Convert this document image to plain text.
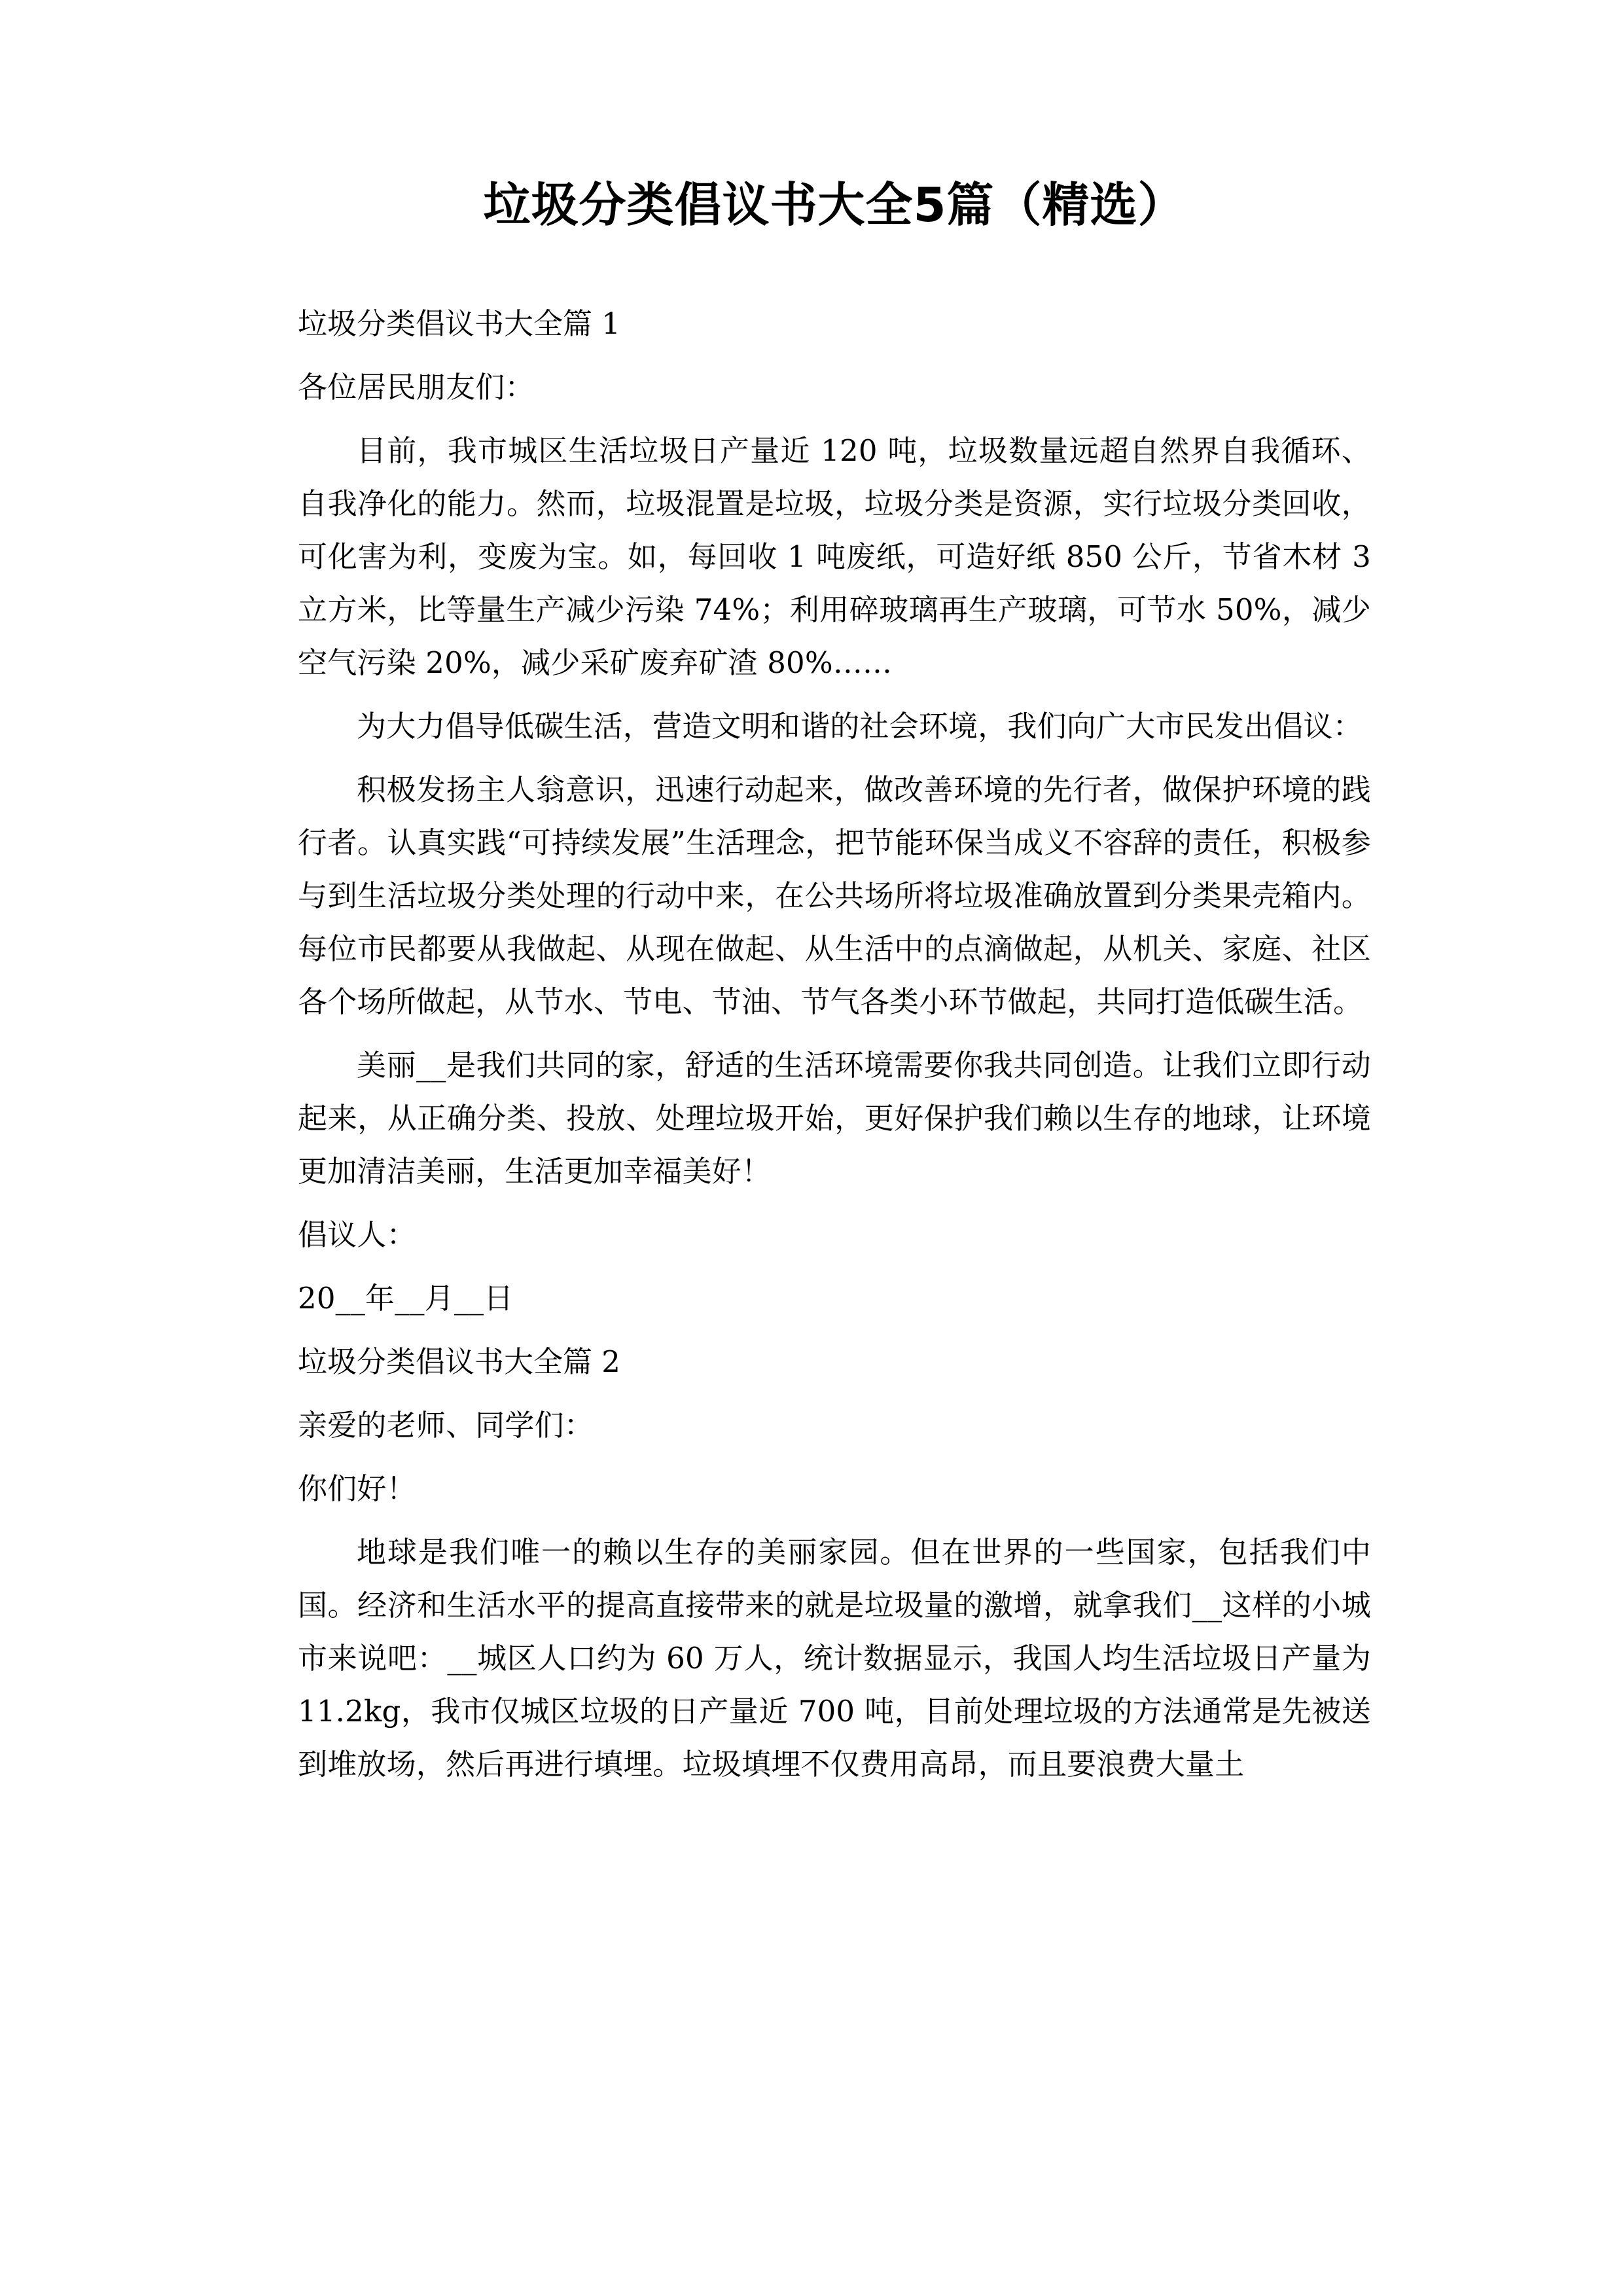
垃圾分类倡议书大全5篇（精选）

垃圾分类倡议书大全篇 1

各位居民朋友们：

目前，我市城区生活垃圾日产量近 120 吨，垃圾数量远超自然界自我循环、自我净化的能力。然而，垃圾混置是垃圾，垃圾分类是资源，实行垃圾分类回收，可化害为利，变废为宝。如，每回收 1 吨废纸，可造好纸 850 公斤，节省木材 3 立方米，比等量生产减少污染 74%；利用碎玻璃再生产玻璃，可节水 50%，减少空气污染 20%，减少采矿废弃矿渣 80%……

为大力倡导低碳生活，营造文明和谐的社会环境，我们向广大市民发出倡议：

积极发扬主人翁意识，迅速行动起来，做改善环境的先行者，做保护环境的践行者。认真实践“可持续发展”生活理念，把节能环保当成义不容辞的责任，积极参与到生活垃圾分类处理的行动中来，在公共场所将垃圾准确放置到分类果壳箱内。每位市民都要从我做起、从现在做起、从生活中的点滴做起，从机关、家庭、社区各个场所做起，从节水、节电、节油、节气各类小环节做起，共同打造低碳生活。

美丽__是我们共同的家，舒适的生活环境需要你我共同创造。让我们立即行动起来，从正确分类、投放、处理垃圾开始，更好保护我们赖以生存的地球，让环境更加清洁美丽，生活更加幸福美好！

倡议人：

20__年__月__日

垃圾分类倡议书大全篇 2

亲爱的老师、同学们：

你们好！

地球是我们唯一的赖以生存的美丽家园。但在世界的一些国家，包括我们中国。经济和生活水平的提高直接带来的就是垃圾量的激增，就拿我们__这样的小城市来说吧：__城区人口约为 60 万人，统计数据显示，我国人均生活垃圾日产量为 11.2kg，我市仅城区垃圾的日产量近 700 吨，目前处理垃圾的方法通常是先被送到堆放场，然后再进行填埋。垃圾填埋不仅费用高昂，而且要浪费大量土
